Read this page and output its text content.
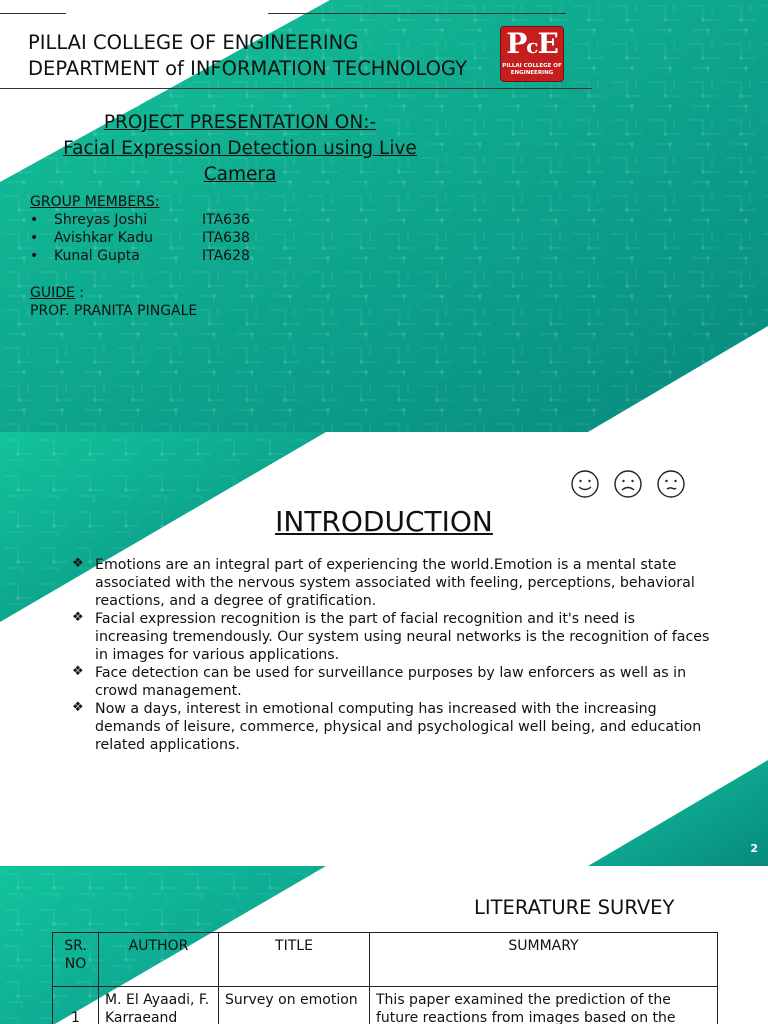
PILLAI COLLEGE OF ENGINEERING
DEPARTMENT of INFORMATION TECHNOLOGY
PcE
PILLAI COLLEGE OF
ENGINEERING
PROJECT PRESENTATION ON:-
Facial Expression Detection using Live
Camera
GROUP MEMBERS:
•	Shreyas Joshi	ITA636
•	Avishkar Kadu	ITA638
•	Kunal Gupta	ITA628
GUIDE :
PROF. PRANITA PINGALE
INTRODUCTION
❖ Emotions are an integral part of experiencing the world.Emotion is a mental state associated with the nervous system associated with feeling, perceptions, behavioral reactions, and a degree of gratification.
❖ Facial expression recognition is the part of facial recognition and it's need is increasing tremendously. Our system using neural networks is the recognition of faces in images for various applications.
❖ Face detection can be used for surveillance purposes by law enforcers as well as in crowd management.
❖ Now a days, interest in emotional computing has increased with the increasing demands of leisure, commerce, physical and psychological well being, and education related applications.
2
LITERATURE SURVEY
SR. NO	AUTHOR	TITLE	SUMMARY
1	M. El Ayaadi, F. Karraeand	Survey on emotion	This paper examined the prediction of the future reactions from images based on the
